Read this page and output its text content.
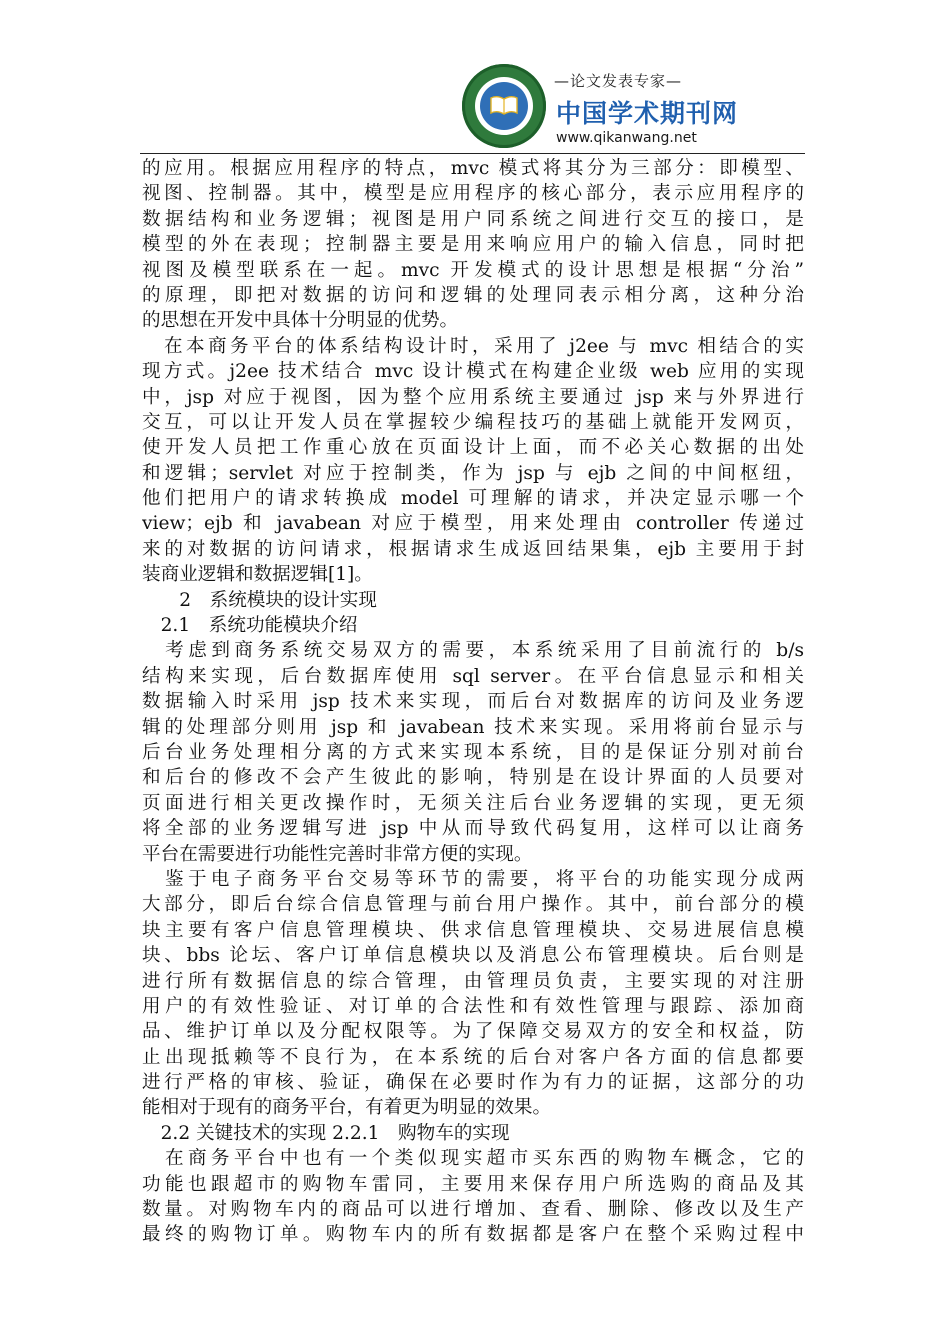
—论文发表专家—
中国学术期刊网
www.qikanwang.net
的应用。根据应用程序的特点，mvc 模式将其分为三部分：即模型、
视图、控制器。其中，模型是应用程序的核心部分，表示应用程序的
数据结构和业务逻辑；视图是用户同系统之间进行交互的接口，是
模型的外在表现；控制器主要是用来响应用户的输入信息，同时把
视图及模型联系在一起。mvc 开发模式的设计思想是根据“分治”
的原理，即把对数据的访问和逻辑的处理同表示相分离，这种分治
的思想在开发中具体十分明显的优势。
　在本商务平台的体系结构设计时，采用了 j2ee 与 mvc 相结合的实
现方式。j2ee 技术结合 mvc 设计模式在构建企业级 web 应用的实现
中，jsp 对应于视图，因为整个应用系统主要通过 jsp 来与外界进行
交互，可以让开发人员在掌握较少编程技巧的基础上就能开发网页，
使开发人员把工作重心放在页面设计上面，而不必关心数据的出处
和逻辑；servlet 对应于控制类，作为 jsp 与 ejb 之间的中间枢纽，
他们把用户的请求转换成 model 可理解的请求，并决定显示哪一个
view；ejb 和 javabean 对应于模型，用来处理由 controller 传递过
来的对数据的访问请求，根据请求生成返回结果集，ejb 主要用于封
装商业逻辑和数据逻辑[1]。
　　2　系统模块的设计实现
　2.1　系统功能模块介绍
　考虑到商务系统交易双方的需要，本系统采用了目前流行的 b/s
结构来实现，后台数据库使用 sql server。在平台信息显示和相关
数据输入时采用 jsp 技术来实现，而后台对数据库的访问及业务逻
辑的处理部分则用 jsp 和 javabean 技术来实现。采用将前台显示与
后台业务处理相分离的方式来实现本系统，目的是保证分别对前台
和后台的修改不会产生彼此的影响，特别是在设计界面的人员要对
页面进行相关更改操作时，无须关注后台业务逻辑的实现，更无须
将全部的业务逻辑写进 jsp 中从而导致代码复用，这样可以让商务
平台在需要进行功能性完善时非常方便的实现。
　鉴于电子商务平台交易等环节的需要，将平台的功能实现分成两
大部分，即后台综合信息管理与前台用户操作。其中，前台部分的模
块主要有客户信息管理模块、供求信息管理模块、交易进展信息模
块、bbs 论坛、客户订单信息模块以及消息公布管理模块。后台则是
进行所有数据信息的综合管理，由管理员负责，主要实现的对注册
用户的有效性验证、对订单的合法性和有效性管理与跟踪、添加商
品、维护订单以及分配权限等。为了保障交易双方的安全和权益，防
止出现抵赖等不良行为，在本系统的后台对客户各方面的信息都要
进行严格的审核、验证，确保在必要时作为有力的证据，这部分的功
能相对于现有的商务平台，有着更为明显的效果。
　2.2 关键技术的实现 2.2.1　购物车的实现
　在商务平台中也有一个类似现实超市买东西的购物车概念，它的
功能也跟超市的购物车雷同，主要用来保存用户所选购的商品及其
数量。对购物车内的商品可以进行增加、查看、删除、修改以及生产
最终的购物订单。购物车内的所有数据都是客户在整个采购过程中
